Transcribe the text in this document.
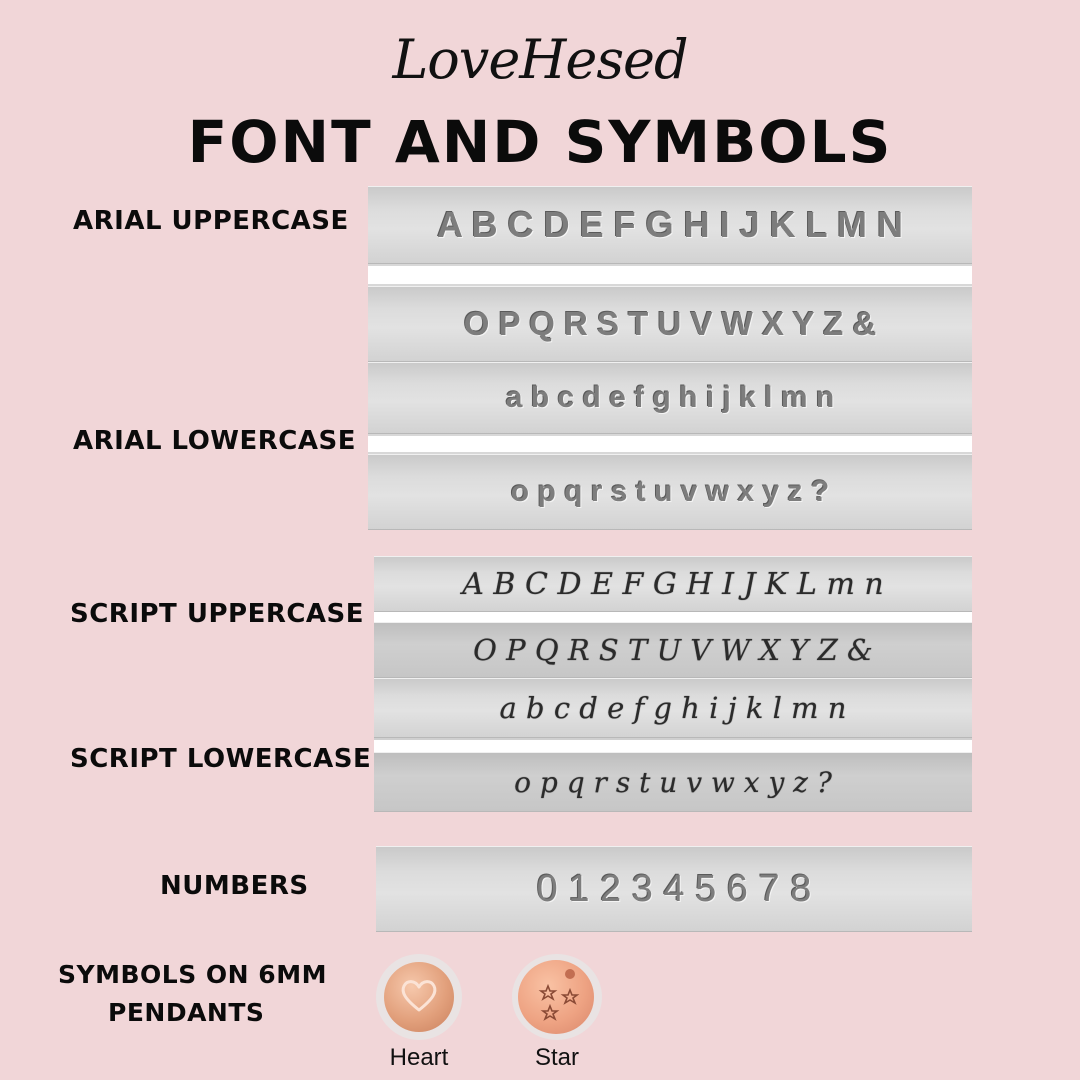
LoveHesed
FONT AND SYMBOLS
ARIAL UPPERCASE
ARIAL LOWERCASE
SCRIPT UPPERCASE
SCRIPT LOWERCASE
NUMBERS
SYMBOLS ON 6MM
PENDANTS
A B C D E F G H I J K L M N
O P Q R S T U V W X Y Z &
a b c d e f g h i j k l m n
o p q r s t u v w x y z ?
A B C D E F G H I J K L m n
O P Q R S T U V W X Y Z &
a b c d e f g h i j k l m n
o p q r s t u v w x y z ?
0 1 2 3 4 5 6 7 8
Heart	Star
